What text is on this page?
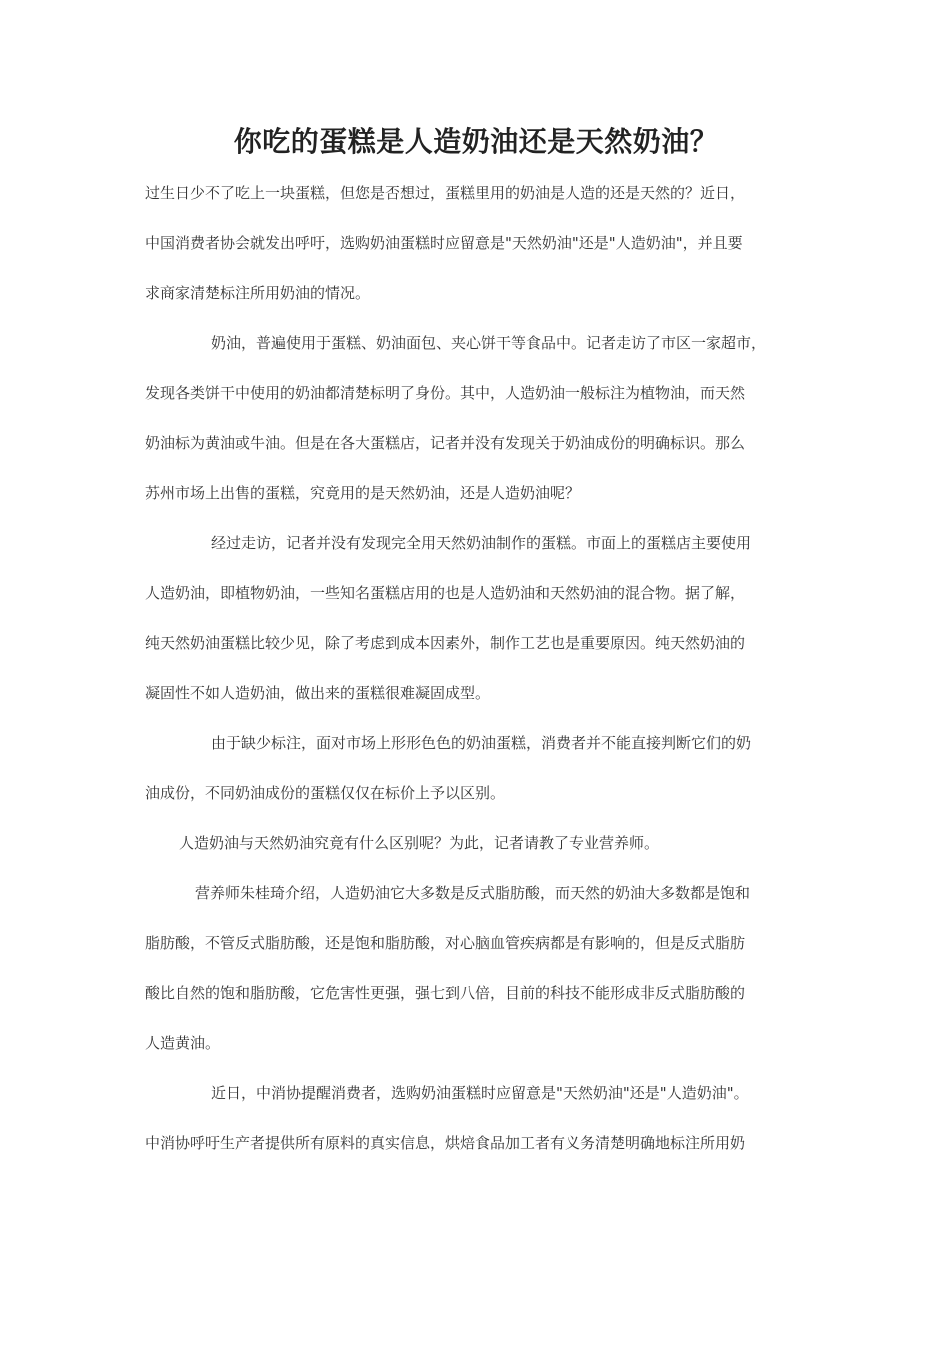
你吃的蛋糕是人造奶油还是天然奶油？
过生日少不了吃上一块蛋糕，但您是否想过，蛋糕里用的奶油是人造的还是天然的？近日，
中国消费者协会就发出呼吁，选购奶油蛋糕时应留意是"天然奶油"还是"人造奶油"，并且要
求商家清楚标注所用奶油的情况。
奶油，普遍使用于蛋糕、奶油面包、夹心饼干等食品中。记者走访了市区一家超市，
发现各类饼干中使用的奶油都清楚标明了身份。其中，人造奶油一般标注为植物油，而天然
奶油标为黄油或牛油。但是在各大蛋糕店，记者并没有发现关于奶油成份的明确标识。那么
苏州市场上出售的蛋糕，究竟用的是天然奶油，还是人造奶油呢？
经过走访，记者并没有发现完全用天然奶油制作的蛋糕。市面上的蛋糕店主要使用
人造奶油，即植物奶油，一些知名蛋糕店用的也是人造奶油和天然奶油的混合物。据了解，
纯天然奶油蛋糕比较少见，除了考虑到成本因素外，制作工艺也是重要原因。纯天然奶油的
凝固性不如人造奶油，做出来的蛋糕很难凝固成型。
由于缺少标注，面对市场上形形色色的奶油蛋糕，消费者并不能直接判断它们的奶
油成份，不同奶油成份的蛋糕仅仅在标价上予以区别。
人造奶油与天然奶油究竟有什么区别呢？为此，记者请教了专业营养师。
营养师朱桂琦介绍，人造奶油它大多数是反式脂肪酸，而天然的奶油大多数都是饱和
脂肪酸，不管反式脂肪酸，还是饱和脂肪酸，对心脑血管疾病都是有影响的，但是反式脂肪
酸比自然的饱和脂肪酸，它危害性更强，强七到八倍，目前的科技不能形成非反式脂肪酸的
人造黄油。
近日，中消协提醒消费者，选购奶油蛋糕时应留意是"天然奶油"还是"人造奶油"。
中消协呼吁生产者提供所有原料的真实信息，烘焙食品加工者有义务清楚明确地标注所用奶
